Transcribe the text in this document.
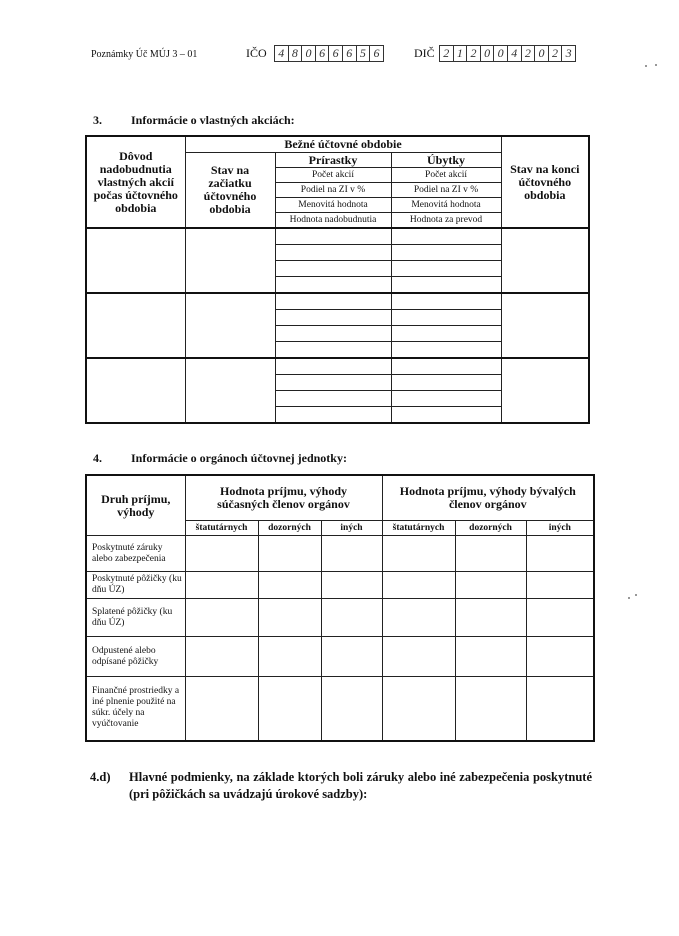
Poznámky Úč MÚJ 3 – 01	IČO 4 8 0 6 6 6 5 6	DIČ 2 1 2 0 0 4 2 0 2 3
3. Informácie o vlastných akciách:
Dôvod nadobudnutia vlastných akcií počas účtovného obdobia	Bežné účtovné obdobie			Stav na konci účtovného obdobia
	Stav na začiatku účtovného obdobia	Prírastky	Úbytky	
		Počet akcií	Počet akcií	
		Podiel na ZI v %	Podiel na ZI v %	
		Menovitá hodnota	Menovitá hodnota	
		Hodnota nadobudnutia	Hodnota za prevod	

4. Informácie o orgánoch účtovnej jednotky:
Druh príjmu, výhody	Hodnota príjmu, výhody súčasných členov orgánov			Hodnota príjmu, výhody bývalých členov orgánov		
	štatutárnych	dozorných	iných	štatutárnych	dozorných	iných
Poskytnuté záruky alebo zabezpečenia						
Poskytnuté pôžičky (ku dňu ÚZ)						
Splatené pôžičky (ku dňu ÚZ)						
Odpustené alebo odpísané pôžičky						
Finančné prostriedky a iné plnenie použité na súkr. účely na vyúčtovanie						
4.d) Hlavné podmienky, na základe ktorých boli záruky alebo iné zabezpečenia poskytnuté (pri pôžičkách sa uvádzajú úrokové sadzby):
